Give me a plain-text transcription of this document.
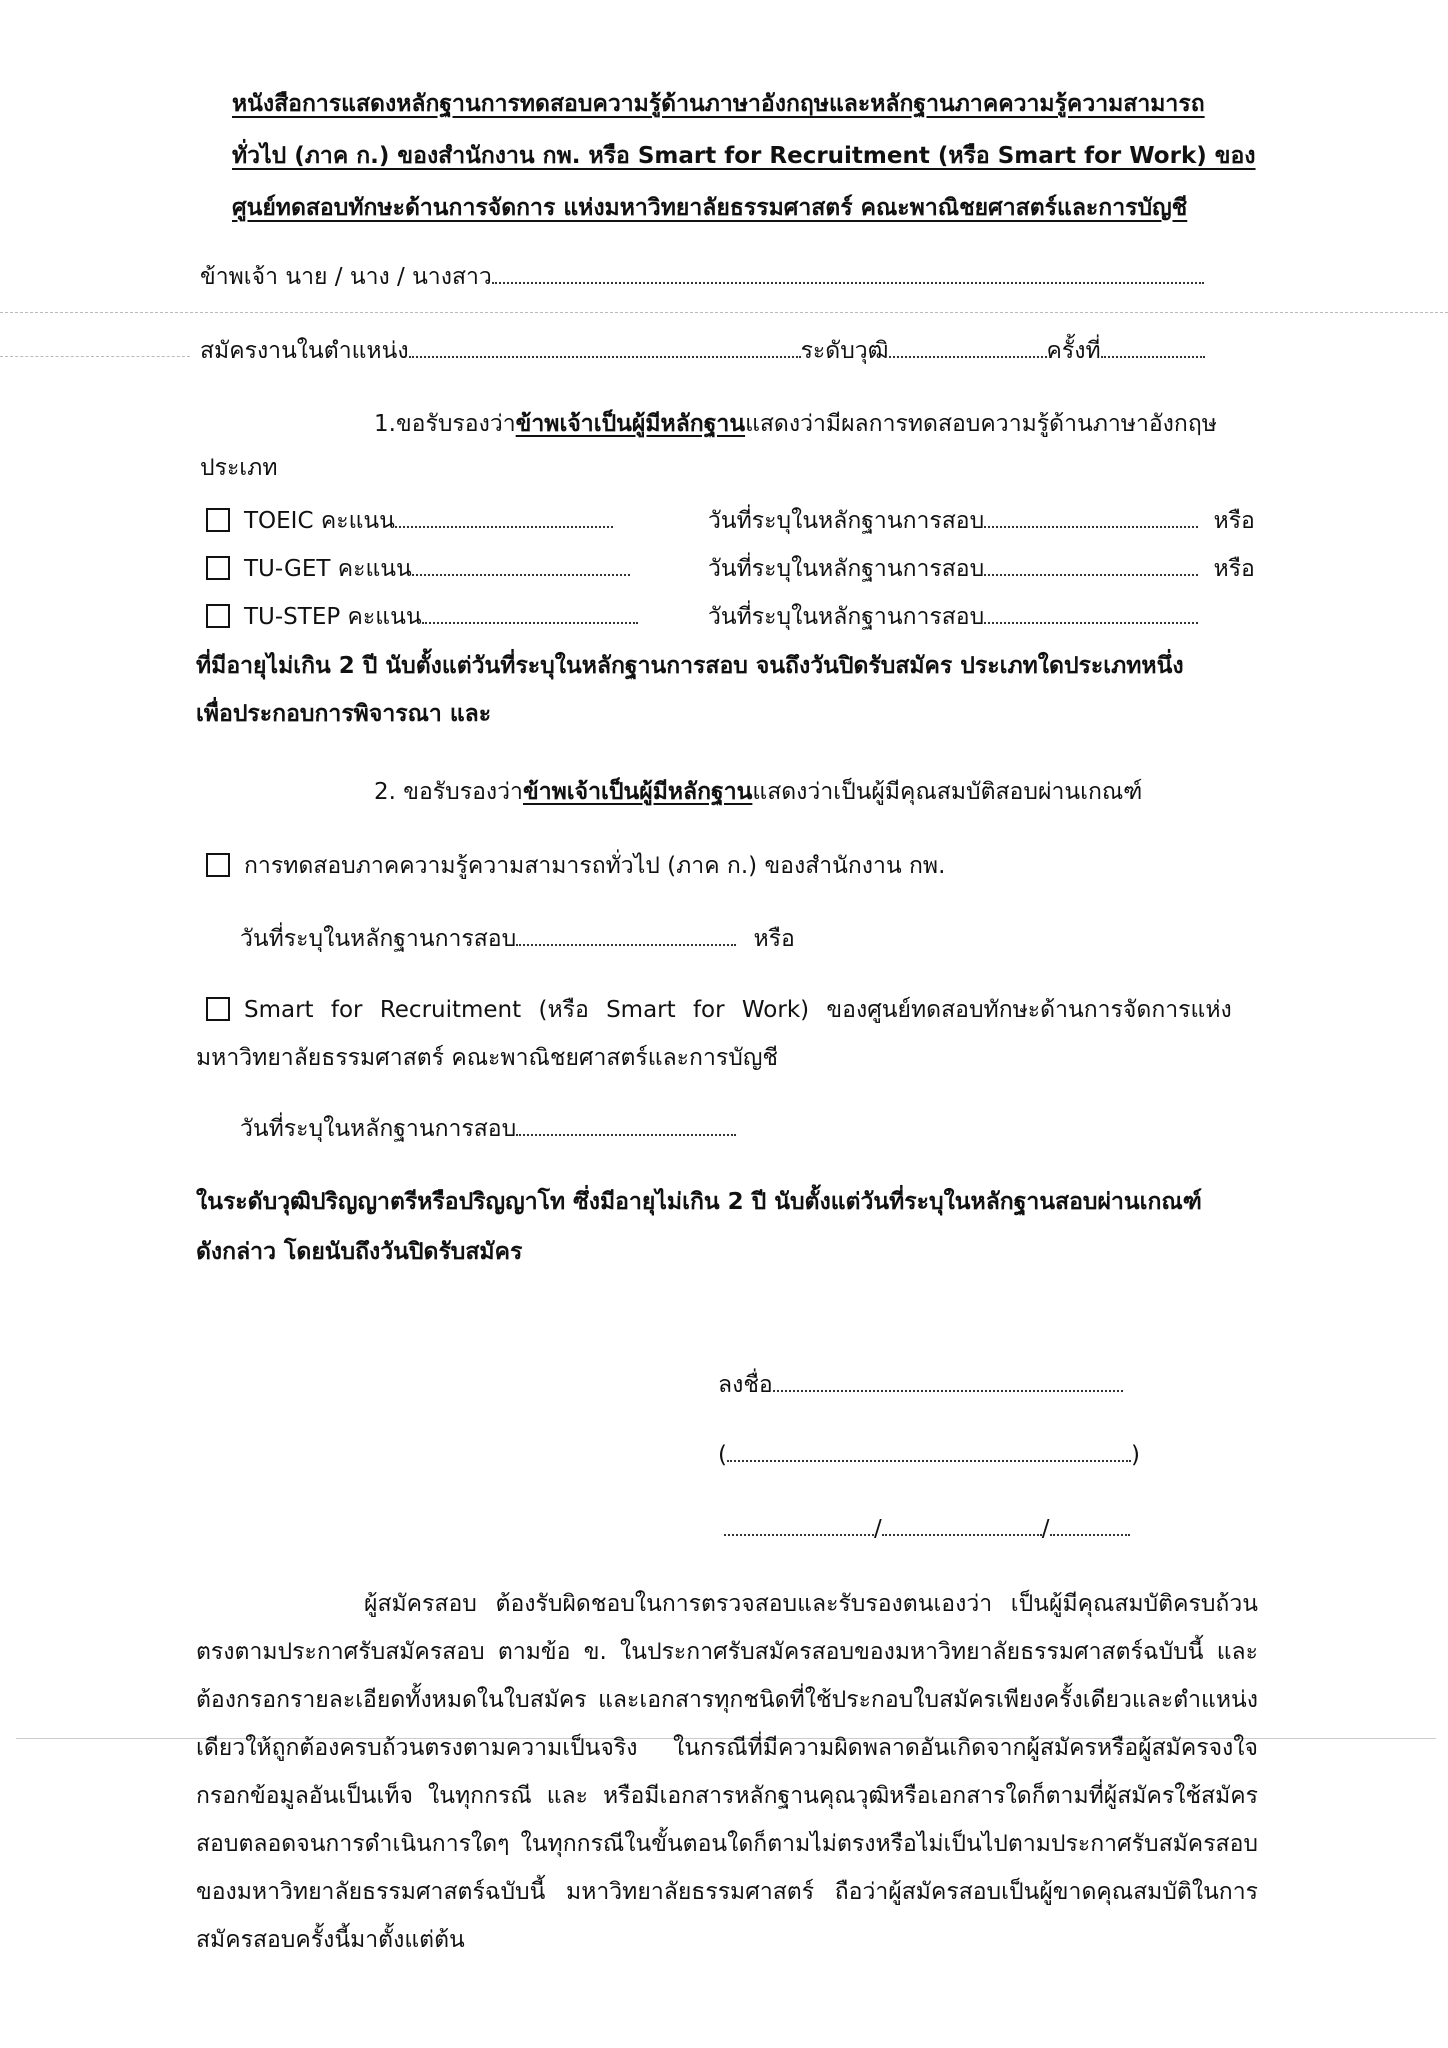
หนังสือการแสดงหลักฐานการทดสอบความรู้ด้านภาษาอังกฤษและหลักฐานภาคความรู้ความสามารถ
ทั่วไป (ภาค ก.) ของสำนักงาน กพ. หรือ Smart for Recruitment (หรือ Smart for Work) ของ
ศูนย์ทดสอบทักษะด้านการจัดการ แห่งมหาวิทยาลัยธรรมศาสตร์ คณะพาณิชยศาสตร์และการบัญชี
ข้าพเจ้า นาย / นาง / นางสาว
สมัครงานในตำแหน่ง	ระดับวุฒิ	ครั้งที่
1.ขอรับรองว่าข้าพเจ้าเป็นผู้มีหลักฐานแสดงว่ามีผลการทดสอบความรู้ด้านภาษาอังกฤษ
ประเภท
TOEIC คะแนน	วันที่ระบุในหลักฐานการสอบ	หรือ
TU-GET คะแนน	วันที่ระบุในหลักฐานการสอบ	หรือ
TU-STEP คะแนน	วันที่ระบุในหลักฐานการสอบ
ที่มีอายุไม่เกิน 2 ปี นับตั้งแต่วันที่ระบุในหลักฐานการสอบ จนถึงวันปิดรับสมัคร ประเภทใดประเภทหนึ่ง
เพื่อประกอบการพิจารณา และ
2. ขอรับรองว่าข้าพเจ้าเป็นผู้มีหลักฐานแสดงว่าเป็นผู้มีคุณสมบัติสอบผ่านเกณฑ์
การทดสอบภาคความรู้ความสามารถทั่วไป (ภาค ก.) ของสำนักงาน กพ.
วันที่ระบุในหลักฐานการสอบ	หรือ
Smart for Recruitment (หรือ Smart for Work) ของศูนย์ทดสอบทักษะด้านการจัดการแห่ง
มหาวิทยาลัยธรรมศาสตร์ คณะพาณิชยศาสตร์และการบัญชี
วันที่ระบุในหลักฐานการสอบ
ในระดับวุฒิปริญญาตรีหรือปริญญาโท ซึ่งมีอายุไม่เกิน 2 ปี นับตั้งแต่วันที่ระบุในหลักฐานสอบผ่านเกณฑ์
ดังกล่าว โดยนับถึงวันปิดรับสมัคร
ลงชื่อ
(	)
/	/
ผู้สมัครสอบ ต้องรับผิดชอบในการตรวจสอบและรับรองตนเองว่า เป็นผู้มีคุณสมบัติครบถ้วนตรงตามประกาศรับสมัครสอบ ตามข้อ ข. ในประกาศรับสมัครสอบของมหาวิทยาลัยธรรมศาสตร์ฉบับนี้ และต้องกรอกรายละเอียดทั้งหมดในใบสมัคร และเอกสารทุกชนิดที่ใช้ประกอบใบสมัครเพียงครั้งเดียวและตำแหน่งเดียวให้ถูกต้องครบถ้วนตรงตามความเป็นจริง ในกรณีที่มีความผิดพลาดอันเกิดจากผู้สมัครหรือผู้สมัครจงใจกรอกข้อมูลอันเป็นเท็จ ในทุกกรณี และ หรือมีเอกสารหลักฐานคุณวุฒิหรือเอกสารใดก็ตามที่ผู้สมัครใช้สมัครสอบตลอดจนการดำเนินการใดๆ ในทุกกรณีในขั้นตอนใดก็ตามไม่ตรงหรือไม่เป็นไปตามประกาศรับสมัครสอบของมหาวิทยาลัยธรรมศาสตร์ฉบับนี้ มหาวิทยาลัยธรรมศาสตร์ ถือว่าผู้สมัครสอบเป็นผู้ขาดคุณสมบัติในการสมัครสอบครั้งนี้มาตั้งแต่ต้น
